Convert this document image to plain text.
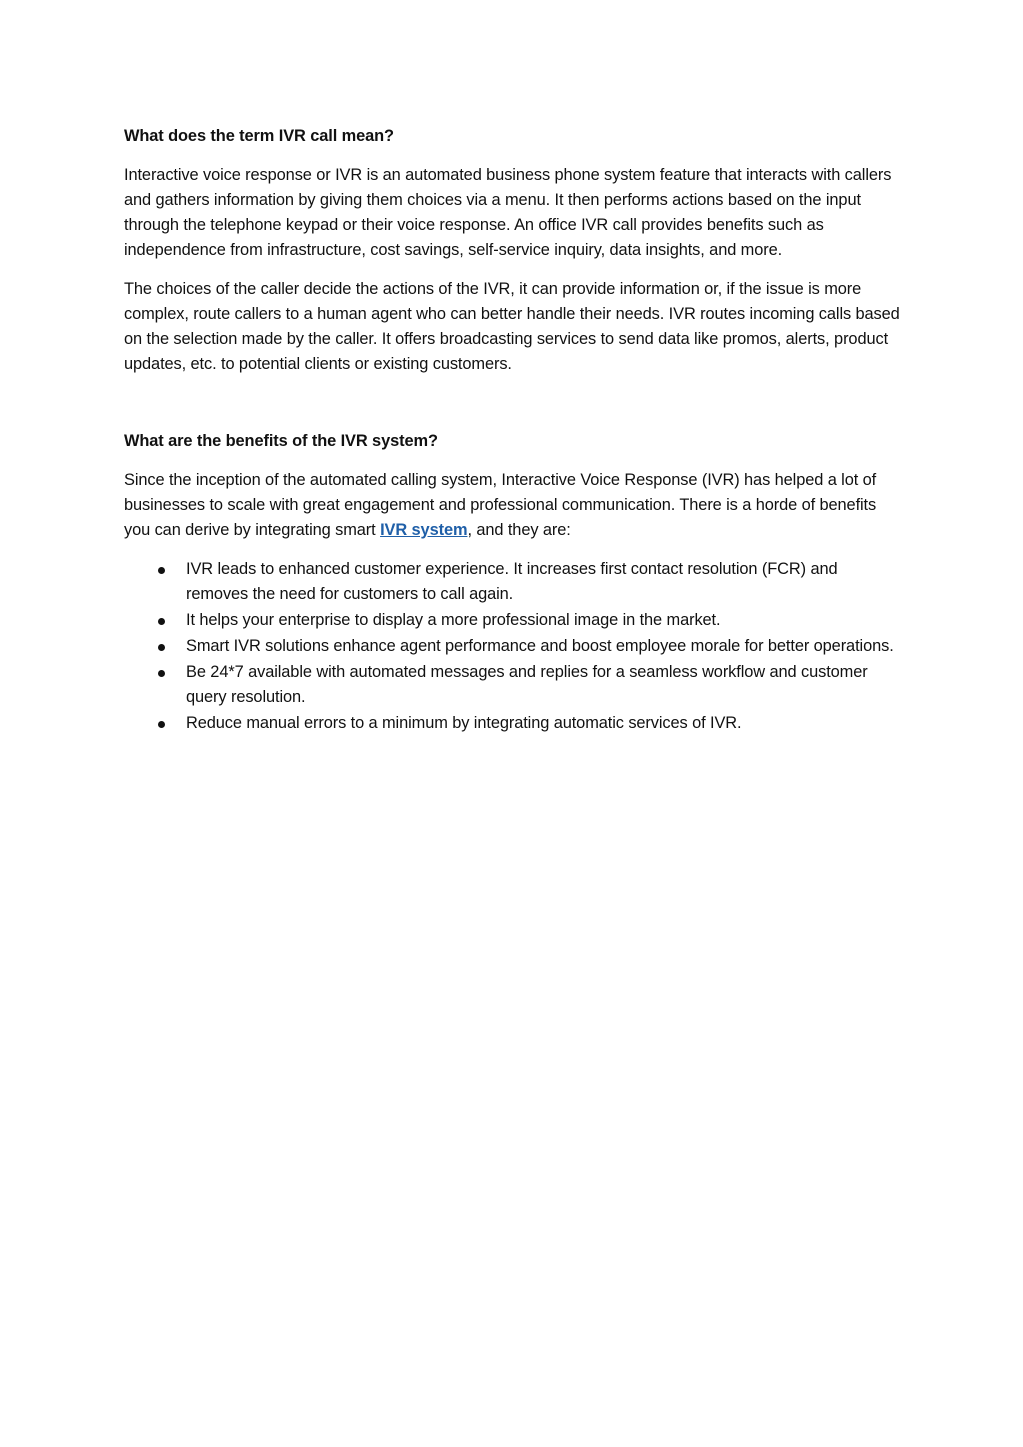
What does the term IVR call mean?

Interactive voice response or IVR is an automated business phone system feature that interacts with callers and gathers information by giving them choices via a menu. It then performs actions based on the input through the telephone keypad or their voice response. An office IVR call provides benefits such as independence from infrastructure, cost savings, self-service inquiry, data insights, and more.

The choices of the caller decide the actions of the IVR, it can provide information or, if the issue is more complex, route callers to a human agent who can better handle their needs. IVR routes incoming calls based on the selection made by the caller. It offers broadcasting services to send data like promos, alerts, product updates, etc. to potential clients or existing customers.

What are the benefits of the IVR system?

Since the inception of the automated calling system, Interactive Voice Response (IVR) has helped a lot of businesses to scale with great engagement and professional communication. There is a horde of benefits you can derive by integrating smart IVR system, and they are:

IVR leads to enhanced customer experience. It increases first contact resolution (FCR) and removes the need for customers to call again.
It helps your enterprise to display a more professional image in the market.
Smart IVR solutions enhance agent performance and boost employee morale for better operations.
Be 24*7 available with automated messages and replies for a seamless workflow and customer query resolution.
Reduce manual errors to a minimum by integrating automatic services of IVR.
